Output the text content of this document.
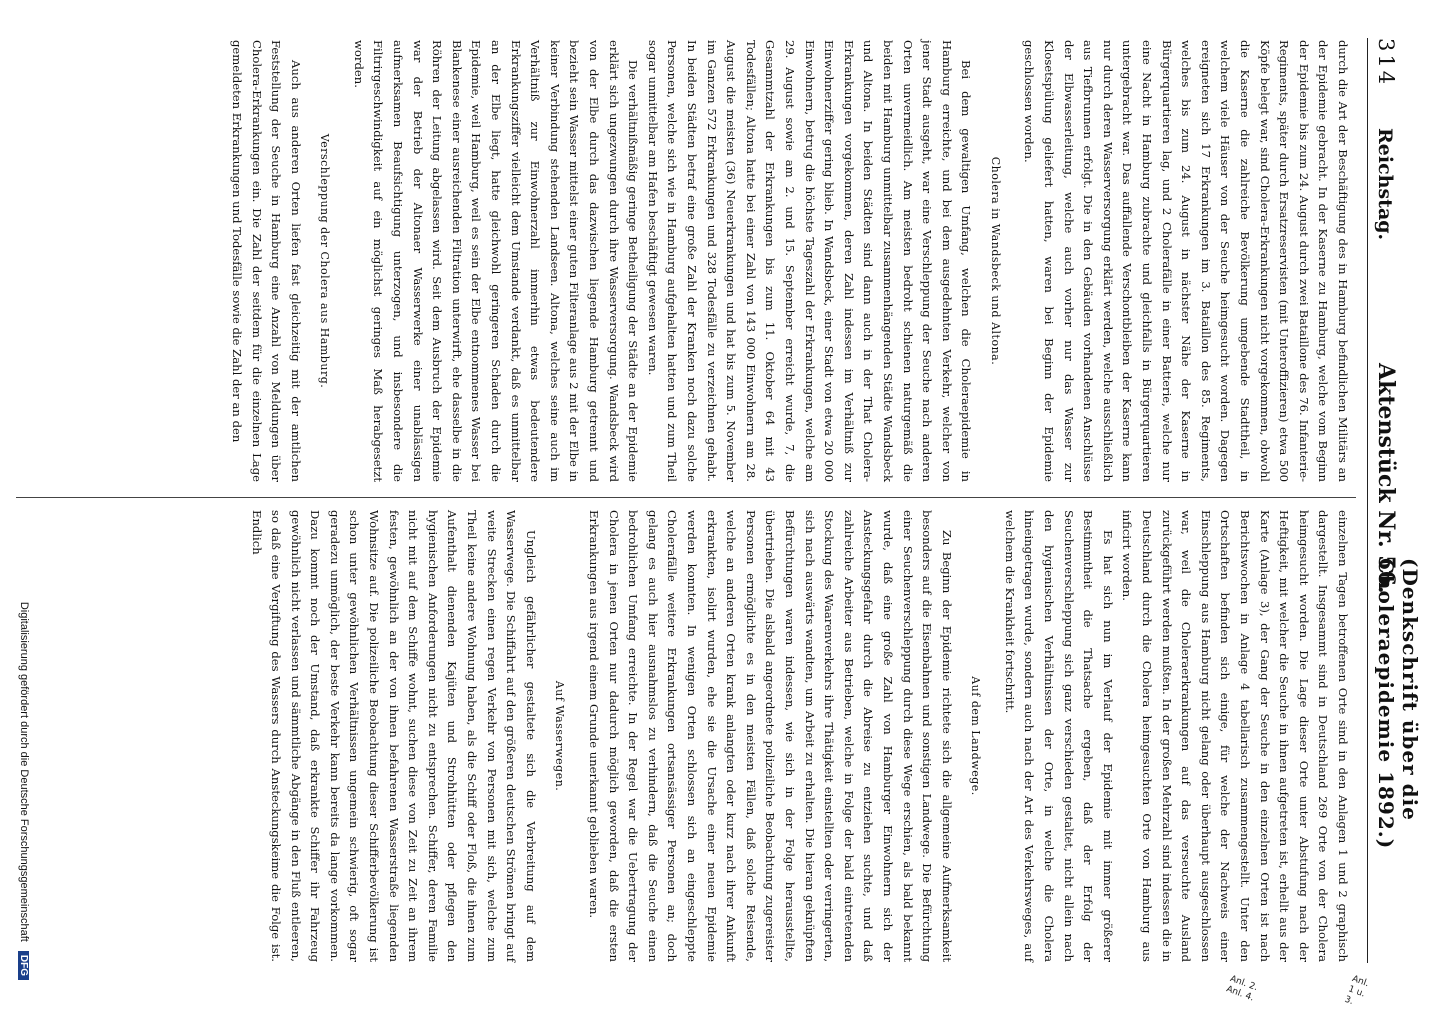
314
Reichstag.
Aktenstück Nr. 56.
(Denkschrift über die Choleraepidemie 1892.)
Anl. 1 u. 3.
Anl. 2. Anl. 4.

durch die Art der Beschäftigung des in Hamburg befindlichen Militärs an der Epidemie gebracht. In der Kaserne zu Hamburg, welche vom Beginn der Epidemie bis zum 24. August durch zwei Bataillone des 76. Infanterie-Regiments, später durch Ersatzreservisten (mit Unteroffizieren) etwa 500 Köpfe belegt war, sind Cholera-Erkrankungen nicht vorgekommen, obwohl die Kaserne die zahlreiche Bevölkerung umgebende Stadttheil, in welchem viele Häuser von der Seuche heimgesucht worden. Dagegen ereigneten sich 17 Erkrankungen im 3. Bataillon des 85. Regiments, welches bis zum 24. August in nächster Nähe der Kaserne in Bürgerquartieren lag, und 2 Cholerafälle in einer Batterie, welche nur eine Nacht in Hamburg zubrachte und gleichfalls in Bürgerquartieren untergebracht war. Das auffallende Verschontbleiben der Kaserne kann nur durch deren Wasserversorgung erklärt werden, welche ausschließlich aus Tiefbrunnen erfolgt. Die in den Gebäuden vorhandenen Anschlüsse der Elbwasserleitung, welche auch vorher nur das Wasser zur Klosetspülung geliefert hatten, waren bei Beginn der Epidemie geschlossen worden.

Cholera in Wandsbeck und Altona.

Bei dem gewaltigen Umfang, welchen die Choleraepidemie in Hamburg erreichte, und bei dem ausgedehnten Verkehr, welcher von jener Stadt ausgeht, war eine Verschleppung der Seuche nach anderen Orten unvermeidlich. Am meisten bedroht schienen naturgemäß die beiden mit Hamburg unmittelbar zusammenhängenden Städte Wandsbeck und Altona. In beiden Städten sind dann auch in der That Cholera-Erkrankungen vorgekommen, deren Zahl indessen im Verhältniß zur Einwohnerziffer gering blieb. In Wandsbeck, einer Stadt von etwa 20 000 Einwohnern, betrug die höchste Tageszahl der Erkrankungen, welche am 29. August sowie am 2. und 15. September erreicht wurde, 7, die Gesammtzahl der Erkrankungen bis zum 11. Oktober 64 mit 43 Todesfällen; Altona hatte bei einer Zahl von 143 000 Einwohnern am 28. August die meisten (36) Neuerkrankungen und hat bis zum 5. November im Ganzen 572 Erkrankungen und 328 Todesfälle zu verzeichnen gehabt. In beiden Städten betraf eine große Zahl der Kranken noch dazu solche Personen, welche sich wie in Hamburg aufgehalten hatten und zum Theil sogar unmittelbar am Hafen beschäftigt gewesen waren.

Die verhältnißmäßig geringe Betheiligung der Städte an der Epidemie erklärt sich ungezwungen durch ihre Wasserversorgung. Wandsbeck wird von der Elbe durch das dazwischen liegende Hamburg getrennt und bezieht sein Wasser mittelst einer guten Filteranlage aus 2 mit der Elbe in keiner Verbindung stehenden Landseen. Altona, welches seine auch im Verhältniß zur Einwohnerzahl immerhin etwas bedeutendere Erkrankungsziffer vielleicht dem Umstande verdankt, daß es unmittelbar an der Elbe liegt, hatte gleichwohl geringeren Schaden durch die Epidemie, weil Hamburg, weil es sein der Elbe entnommenes Wasser bei Blankenese einer ausreichenden Filtration unterwirft, ehe dasselbe in die Röhren der Leitung abgelassen wird. Seit dem Ausbruch der Epidemie war der Betrieb der Altonaer Wasserwerke einer unablässigen aufmerksamen Beaufsichtigung unterzogen, und insbesondere die Filtrirgeschwindigkeit auf ein möglichst geringes Maß herabgesetzt worden.

Verschleppung der Cholera aus Hamburg.

Auch aus anderen Orten liefen fast gleichzeitig mit der amtlichen Feststellung der Seuche in Hamburg eine Anzahl von Meldungen über Cholera-Erkrankungen ein. Die Zahl der seitdem für die einzelnen Lage gemeldeten Erkrankungen und Todesfälle sowie die Zahl der an den

einzelnen Tagen betroffenen Orte sind in den Anlagen 1 und 2 graphisch dargestellt. Insgesammt sind in Deutschland 269 Orte von der Cholera heimgesucht worden. Die Lage dieser Orte unter Abstufung nach der Heftigkeit, mit welcher die Seuche in ihnen aufgetreten ist, erhellt aus der Karte (Anlage 3), der Gang der Seuche in den einzelnen Orten ist nach Berichtswochen in Anlage 4 tabellarisch zusammengestellt. Unter den Ortschaften befinden sich einige, für welche der Nachweis einer Einschleppung aus Hamburg nicht gelang oder überhaupt ausgeschlossen war, weil die Choleraerkrankungen auf das verseuchte Ausland zurückgeführt werden mußten. In der großen Mehrzahl sind indessen die in Deutschland durch die Cholera heimgesuchten Orte von Hamburg aus inficirt worden.

Es hat sich nun im Verlauf der Epidemie mit immer größerer Bestimmtheit die Thatsache ergeben, daß der Erfolg der Seuchenverschleppung sich ganz verschieden gestaltet, nicht allein nach den hygienischen Verhältnissen der Orte, in welche die Cholera hineingetragen wurde, sondern auch nach der Art des Verkehrsweges, auf welchem die Krankheit fortschritt.

Auf dem Landwege.

Zu Beginn der Epidemie richtete sich die allgemeine Aufmerksamkeit besonders auf die Eisenbahnen und sonstigen Landwege. Die Befürchtung einer Seuchenverschleppung durch diese Wege erschien, als bald bekannt wurde, daß eine große Zahl von Hamburger Einwohnern sich der Ansteckungsgefahr durch die Abreise zu entziehen suchte, und daß zahlreiche Arbeiter aus Betrieben, welche in Folge der bald eintretenden Stockung des Waarenverkehrs ihre Thätigkeit einstellten oder verringerten, sich nach auswärts wandten, um Arbeit zu erhalten. Die hieran geknüpften Befürchtungen waren indessen, wie sich in der Folge herausstellte, übertrieben. Die alsbald angeordnete polizeiliche Beobachtung zugereister Personen ermöglichte es in den meisten Fällen, daß solche Reisende, welche an anderen Orten krank anlangten oder kurz nach ihrer Ankunft erkrankten, isolirt wurden, ehe sie die Ursache einer neuen Epidemie werden konnten. In wenigen Orten schlossen sich an eingeschleppte Cholerafälle weitere Erkrankungen ortsansässiger Personen an; doch gelang es auch hier ausnahmslos zu verhindern, daß die Seuche einen bedrohlichen Umfang erreichte. In der Regel war die Uebertragung der Cholera in jenen Orten nur dadurch möglich geworden, daß die ersten Erkrankungen aus irgend einem Grunde unerkannt geblieben waren.

Auf Wasserwegen.

Ungleich gefährlicher gestaltete sich die Verbreitung auf dem Wasserwege. Die Schiffahrt auf den größeren deutschen Strömen bringt auf weite Strecken einen regen Verkehr von Personen mit sich, welche zum Theil keine andere Wohnung haben, als die Schiff oder Floß, die ihnen zum Aufenthalt dienenden Kajüten und Strohhütten oder pflegen den hygienischen Anforderungen nicht zu entsprechen. Schiffer, deren Familie nicht mit auf dem Schiffe wohnt, suchen diese von Zeit zu Zeit an ihrem festen, gewöhnlich an der von ihnen befahrenen Wasserstraße liegenden Wohnsitze auf. Die polizeiliche Beobachtung dieser Schifferbevölkerung ist schon unter gewöhnlichen Verhältnissen ungemein schwierig, oft sogar geradezu unmöglich, der beste Verkehr kann bereits da lange vorkommen. Dazu kommt noch der Umstand, daß erkrankte Schiffer ihr Fahrzeug gewöhnlich nicht verlassen und sämmtliche Abgänge in den Fluß entleeren, so daß eine Vergiftung des Wassers durch Ansteckungskeime die Folge ist. Endlich

Digitalisierung gefördert durch die Deutsche Forschungsgemeinschaft DFG
